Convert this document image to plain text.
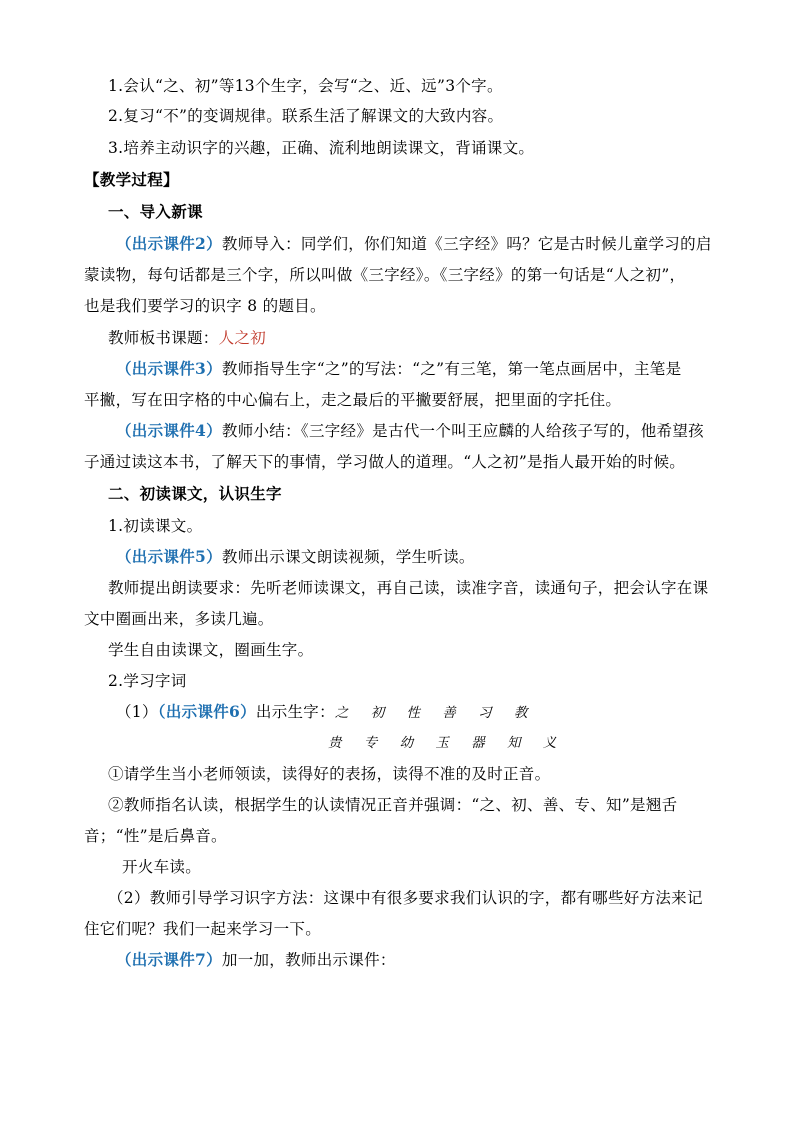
1.会认“之、初”等13个生字，会写“之、近、远”3个字。
2.复习“不”的变调规律。联系生活了解课文的大致内容。
3.培养主动识字的兴趣，正确、流利地朗读课文，背诵课文。
【教学过程】
一、导入新课
（出示课件2）教师导入：同学们，你们知道《三字经》吗？它是古时候儿童学习的启
蒙读物，每句话都是三个字，所以叫做《三字经》。《三字经》的第一句话是“人之初”，
也是我们要学习的识字 8 的题目。
教师板书课题：人之初
（出示课件3）教师指导生字“之”的写法：“之”有三笔，第一笔点画居中，主笔是
平撇，写在田字格的中心偏右上，走之最后的平撇要舒展，把里面的字托住。
（出示课件4）教师小结：《三字经》是古代一个叫王应麟的人给孩子写的，他希望孩
子通过读这本书，了解天下的事情，学习做人的道理。“人之初”是指人最开始的时候。
二、初读课文，认识生字
1.初读课文。
（出示课件5）教师出示课文朗读视频，学生听读。
教师提出朗读要求：先听老师读课文，再自己读，读准字音，读通句子，把会认字在课
文中圈画出来，多读几遍。
学生自由读课文，圈画生字。
2.学习字词
（1）（出示课件6）出示生字：之 初 性 善 习 教
贵 专 幼 玉 器 知 义
①请学生当小老师领读，读得好的表扬，读得不准的及时正音。
②教师指名认读，根据学生的认读情况正音并强调：“之、初、善、专、知”是翘舌
音；“性”是后鼻音。
开火车读。
（2）教师引导学习识字方法：这课中有很多要求我们认识的字，都有哪些好方法来记
住它们呢？我们一起来学习一下。
（出示课件7）加一加，教师出示课件：
